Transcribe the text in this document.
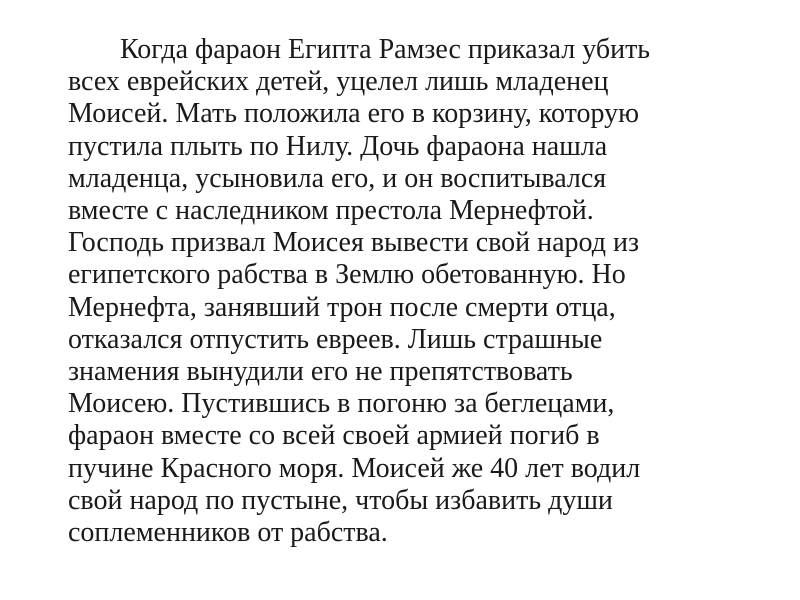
Когда фараон Египта Рамзес приказал убить
всех еврейских детей, уцелел лишь младенец
Моисей. Мать положила его в корзину, которую
пустила плыть по Нилу. Дочь фараона нашла
младенца, усыновила его, и он воспитывался
вместе с наследником престола Мернефтой.
Господь призвал Моисея вывести свой народ из
египетского рабства в Землю обетованную. Но
Мернефта, занявший трон после смерти отца,
отказался отпустить евреев. Лишь страшные
знамения вынудили его не препятствовать
Моисею. Пустившись в погоню за беглецами,
фараон вместе со всей своей армией погиб в
пучине Красного моря. Моисей же 40 лет водил
свой народ по пустыне, чтобы избавить души
соплеменников от рабства.
